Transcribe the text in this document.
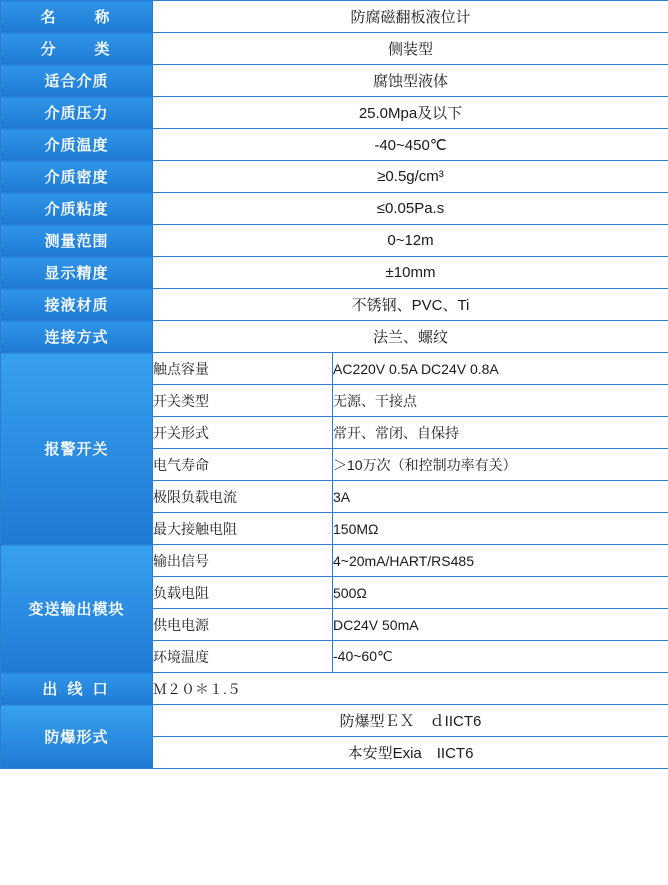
名　　称	防腐磁翻板液位计	
分　　类	侧装型	
适合介质	腐蚀型液体	
介质压力	25.0Mpa及以下	
介质温度	-40~450℃	
介质密度	≥0.5g/cm³	
介质粘度	≤0.05Pa.s	
测量范围	0~12m	
显示精度	±10mm	
接液材质	不锈钢、PVC、Ti	
连接方式	法兰、螺纹	
报警开关	触点容量	AC220V 0.5A DC24V 0.8A
	开关类型	无源、干接点
	开关形式	常开、常闭、自保持
	电气寿命	＞10万次（和控制功率有关）
	极限负载电流	3A
	最大接触电阻	150MΩ
变送输出模块	输出信号	4~20mA/HART/RS485
	负载电阻	500Ω
	供电电源	DC24V 50mA
	环境温度	-40~60℃
出 线 口	Ｍ２０＊１.５	
防爆形式	防爆型ＥＸ　ｄIICT6	
	本安型Exia　IICT6	
